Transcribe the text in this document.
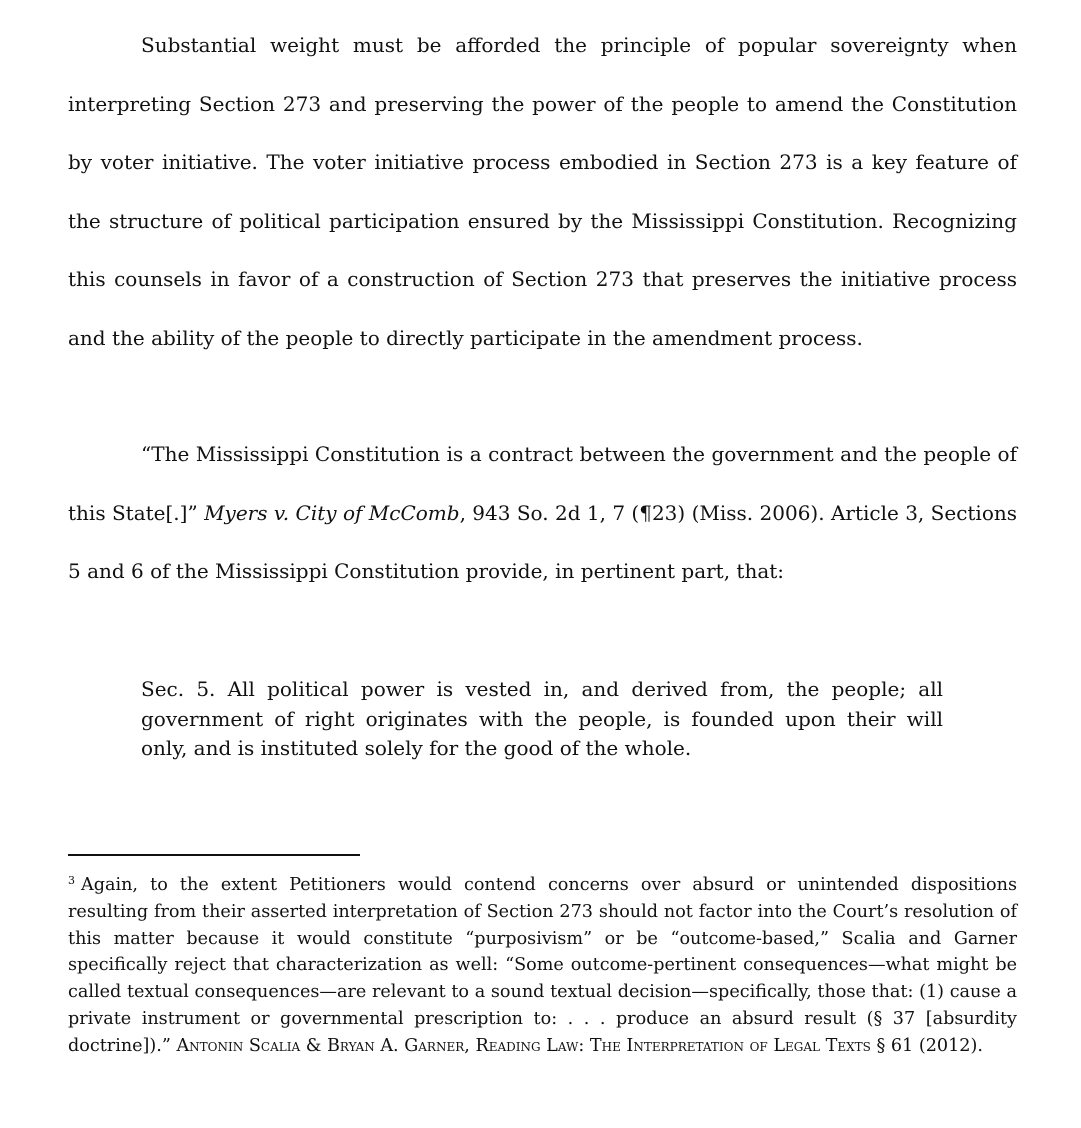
Substantial weight must be afforded the principle of popular sovereignty when interpreting Section 273 and preserving the power of the people to amend the Constitution by voter initiative. The voter initiative process embodied in Section 273 is a key feature of the structure of political participation ensured by the Mississippi Constitution. Recognizing this counsels in favor of a construction of Section 273 that preserves the initiative process and the ability of the people to directly participate in the amendment process.

“The Mississippi Constitution is a contract between the government and the people of this State[.]” Myers v. City of McComb, 943 So. 2d 1, 7 (¶23) (Miss. 2006). Article 3, Sections 5 and 6 of the Mississippi Constitution provide, in pertinent part, that:

Sec. 5. All political power is vested in, and derived from, the people; all government of right originates with the people, is founded upon their will only, and is instituted solely for the good of the whole.

$^3$ Again, to the extent Petitioners would contend concerns over absurd or unintended dispositions resulting from their asserted interpretation of Section 273 should not factor into the Court’s resolution of this matter because it would constitute “purposivism” or be “outcome-based,” Scalia and Garner specifically reject that characterization as well: “Some outcome-pertinent consequences—what might be called textual consequences—are relevant to a sound textual decision—specifically, those that: (1) cause a private instrument or governmental prescription to: . . . produce an absurd result (§ 37 [absurdity doctrine]).” Antonin Scalia & Bryan A. Garner, Reading Law: The Interpretation of Legal Texts § 61 (2012).
